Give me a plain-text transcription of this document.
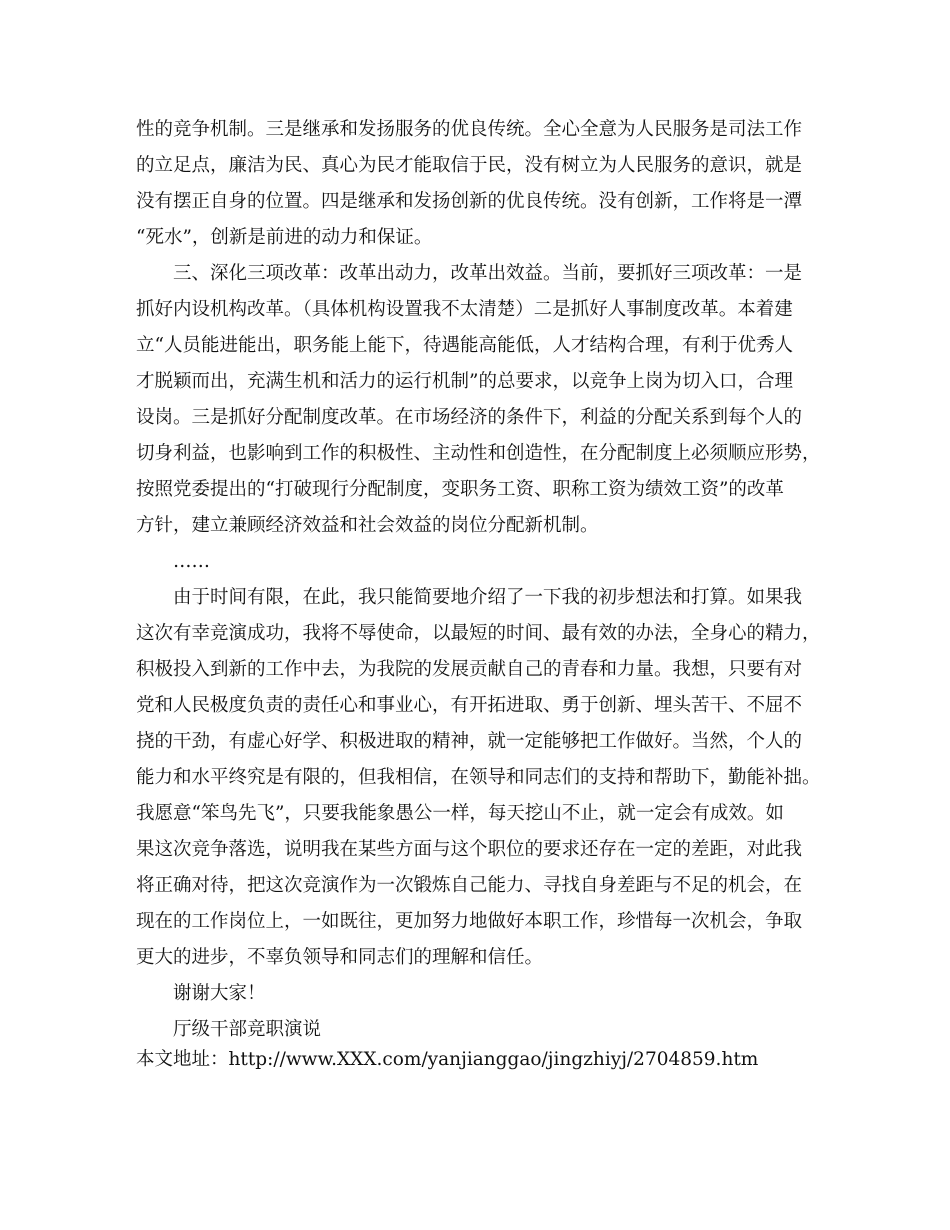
性的竞争机制。三是继承和发扬服务的优良传统。全心全意为人民服务是司法工作
的立足点，廉洁为民、真心为民才能取信于民，没有树立为人民服务的意识，就是
没有摆正自身的位置。四是继承和发扬创新的优良传统。没有创新，工作将是一潭
“死水”，创新是前进的动力和保证。
三、深化三项改革：改革出动力，改革出效益。当前，要抓好三项改革：一是
抓好内设机构改革。（具体机构设置我不太清楚）二是抓好人事制度改革。本着建
立“人员能进能出，职务能上能下，待遇能高能低，人才结构合理，有利于优秀人
才脱颖而出，充满生机和活力的运行机制”的总要求，以竞争上岗为切入口，合理
设岗。三是抓好分配制度改革。在市场经济的条件下，利益的分配关系到每个人的
切身利益，也影响到工作的积极性、主动性和创造性，在分配制度上必须顺应形势，
按照党委提出的“打破现行分配制度，变职务工资、职称工资为绩效工资”的改革
方针，建立兼顾经济效益和社会效益的岗位分配新机制。
……
由于时间有限，在此，我只能简要地介绍了一下我的初步想法和打算。如果我
这次有幸竞演成功，我将不辱使命，以最短的时间、最有效的办法，全身心的精力，
积极投入到新的工作中去，为我院的发展贡献自己的青春和力量。我想，只要有对
党和人民极度负责的责任心和事业心，有开拓进取、勇于创新、埋头苦干、不屈不
挠的干劲，有虚心好学、积极进取的精神，就一定能够把工作做好。当然，个人的
能力和水平终究是有限的，但我相信，在领导和同志们的支持和帮助下，勤能补拙。
我愿意“笨鸟先飞”，只要我能象愚公一样，每天挖山不止，就一定会有成效。如
果这次竞争落选，说明我在某些方面与这个职位的要求还存在一定的差距，对此我
将正确对待，把这次竞演作为一次锻炼自己能力、寻找自身差距与不足的机会，在
现在的工作岗位上，一如既往，更加努力地做好本职工作，珍惜每一次机会，争取
更大的进步，不辜负领导和同志们的理解和信任。
谢谢大家！
厅级干部竞职演说
本文地址：http://www.XXX.com/yanjianggao/jingzhiyj/2704859.htm
